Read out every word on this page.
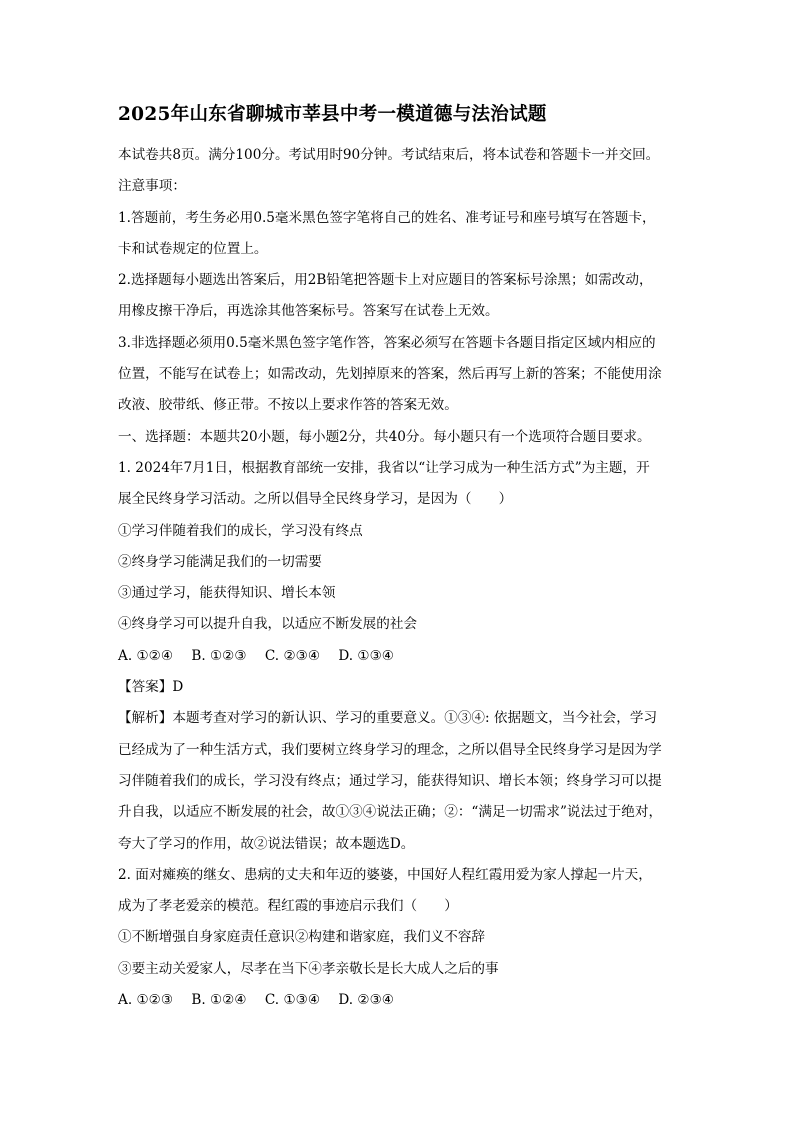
2025年山东省聊城市莘县中考一模道德与法治试题
本试卷共8页。满分100分。考试用时90分钟。考试结束后，将本试卷和答题卡一并交回。
注意事项：
1.答题前，考生务必用0.5毫米黑色签字笔将自己的姓名、准考证号和座号填写在答题卡，
卡和试卷规定的位置上。
2.选择题每小题选出答案后，用2B铅笔把答题卡上对应题目的答案标号涂黑；如需改动，
用橡皮擦干净后，再选涂其他答案标号。答案写在试卷上无效。
3.非选择题必须用0.5毫米黑色签字笔作答，答案必须写在答题卡各题目指定区域内相应的
位置，不能写在试卷上；如需改动，先划掉原来的答案，然后再写上新的答案；不能使用涂
改液、胶带纸、修正带。不按以上要求作答的答案无效。
一、选择题：本题共20小题，每小题2分，共40分。每小题只有一个选项符合题目要求。
1. 2024年7月1日，根据教育部统一安排，我省以“让学习成为一种生活方式”为主题，开
展全民终身学习活动。之所以倡导全民终身学习，是因为（　　）
①学习伴随着我们的成长，学习没有终点
②终身学习能满足我们的一切需要
③通过学习，能获得知识、增长本领
④终身学习可以提升自我，以适应不断发展的社会
A. ①②④ B. ①②③ C. ②③④ D. ①③④
【答案】D
【解析】本题考查对学习的新认识、学习的重要意义。①③④: 依据题文，当今社会，学习
已经成为了一种生活方式，我们要树立终身学习的理念，之所以倡导全民终身学习是因为学
习伴随着我们的成长，学习没有终点；通过学习，能获得知识、增长本领；终身学习可以提
升自我，以适应不断发展的社会，故①③④说法正确；②：“满足一切需求”说法过于绝对，
夸大了学习的作用，故②说法错误；故本题选D。
2. 面对瘫痪的继女、患病的丈夫和年迈的婆婆，中国好人程红霞用爱为家人撑起一片天，
成为了孝老爱亲的模范。程红霞的事迹启示我们（　　）
①不断增强自身家庭责任意识②构建和谐家庭，我们义不容辞
③要主动关爱家人，尽孝在当下④孝亲敬长是长大成人之后的事
A. ①②③ B. ①②④ C. ①③④ D. ②③④
